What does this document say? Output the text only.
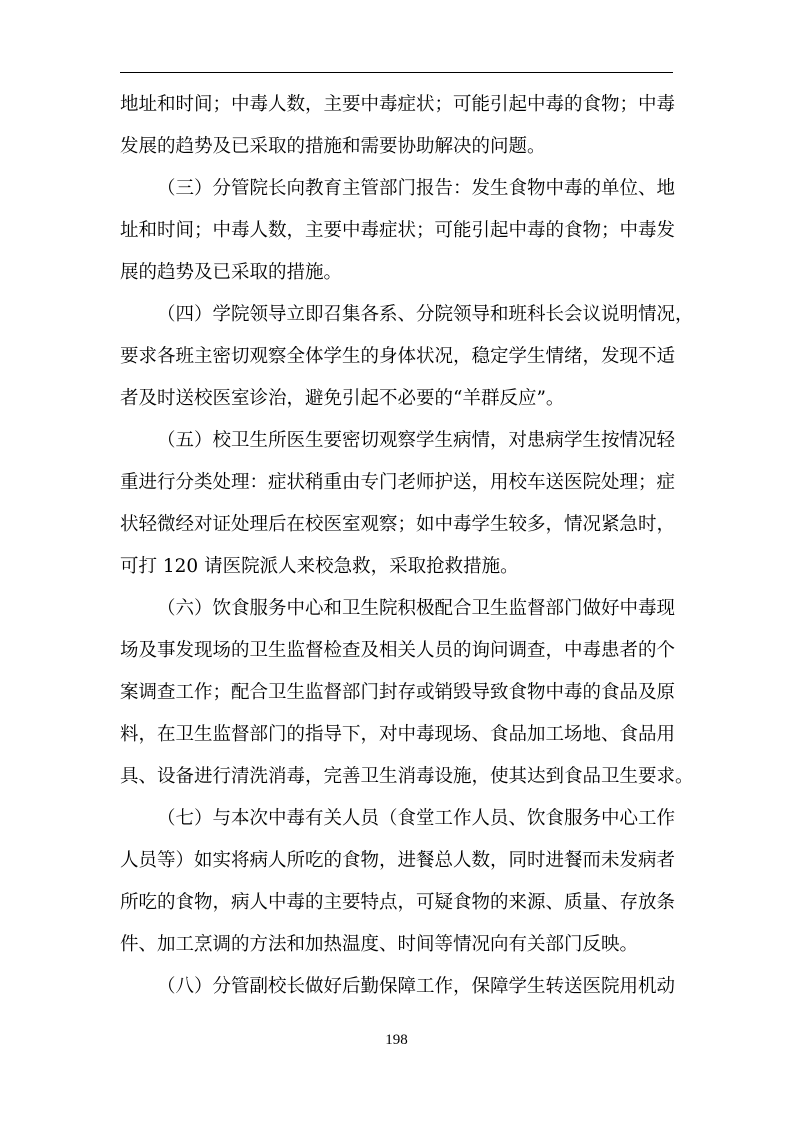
地址和时间；中毒人数，主要中毒症状；可能引起中毒的食物；中毒
发展的趋势及已采取的措施和需要协助解决的问题。

（三）分管院长向教育主管部门报告：发生食物中毒的单位、地
址和时间；中毒人数，主要中毒症状；可能引起中毒的食物；中毒发
展的趋势及已采取的措施。

（四）学院领导立即召集各系、分院领导和班科长会议说明情况，
要求各班主密切观察全体学生的身体状况，稳定学生情绪，发现不适
者及时送校医室诊治，避免引起不必要的“羊群反应”。

（五）校卫生所医生要密切观察学生病情，对患病学生按情况轻
重进行分类处理：症状稍重由专门老师护送，用校车送医院处理；症
状轻微经对证处理后在校医室观察；如中毒学生较多，情况紧急时，
可打 120 请医院派人来校急救，采取抢救措施。

（六）饮食服务中心和卫生院积极配合卫生监督部门做好中毒现
场及事发现场的卫生监督检查及相关人员的询问调查，中毒患者的个
案调查工作；配合卫生监督部门封存或销毁导致食物中毒的食品及原
料，在卫生监督部门的指导下，对中毒现场、食品加工场地、食品用
具、设备进行清洗消毒，完善卫生消毒设施，使其达到食品卫生要求。

（七）与本次中毒有关人员（食堂工作人员、饮食服务中心工作
人员等）如实将病人所吃的食物，进餐总人数，同时进餐而未发病者
所吃的食物，病人中毒的主要特点，可疑食物的来源、质量、存放条
件、加工烹调的方法和加热温度、时间等情况向有关部门反映。

（八）分管副校长做好后勤保障工作，保障学生转送医院用机动

198
